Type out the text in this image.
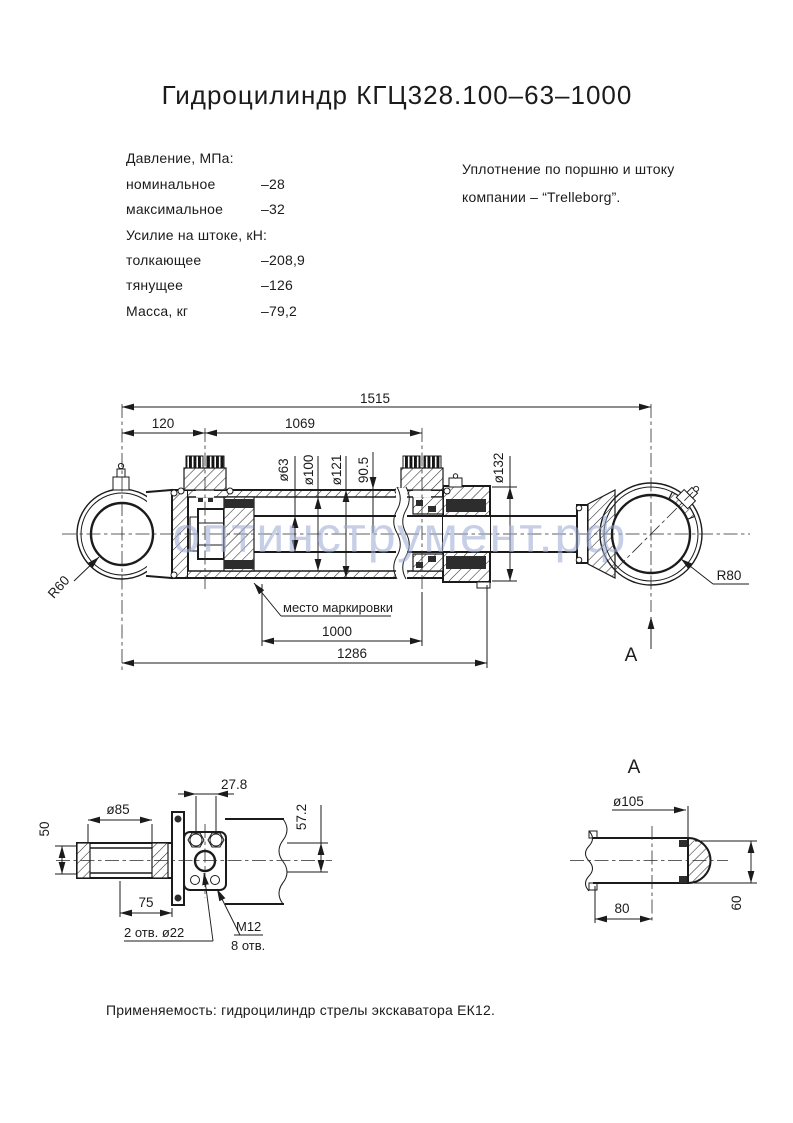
Гидроцилиндр КГЦ328.100–63–1000
Давление, МПа:
номинальное	–28
максимальное	–32
Усилие на штоке, кН:
толкающее	–208,9
тянущее	–126
Масса, кг	–79,2
Уплотнение по поршню и штоку
компании – “Trelleborg”.
1515
120	1069
ø63 ø100 ø121 90.5	ø132
место маркировки
1000
1286
R60	R80
А
27.8
ø85
50
75
57.2
2 отв. ø22	M12
8 отв.
А
ø105
80	60
Применяемость: гидроцилиндр стрелы экскаватора ЕК12.
оптинструмент.рф
